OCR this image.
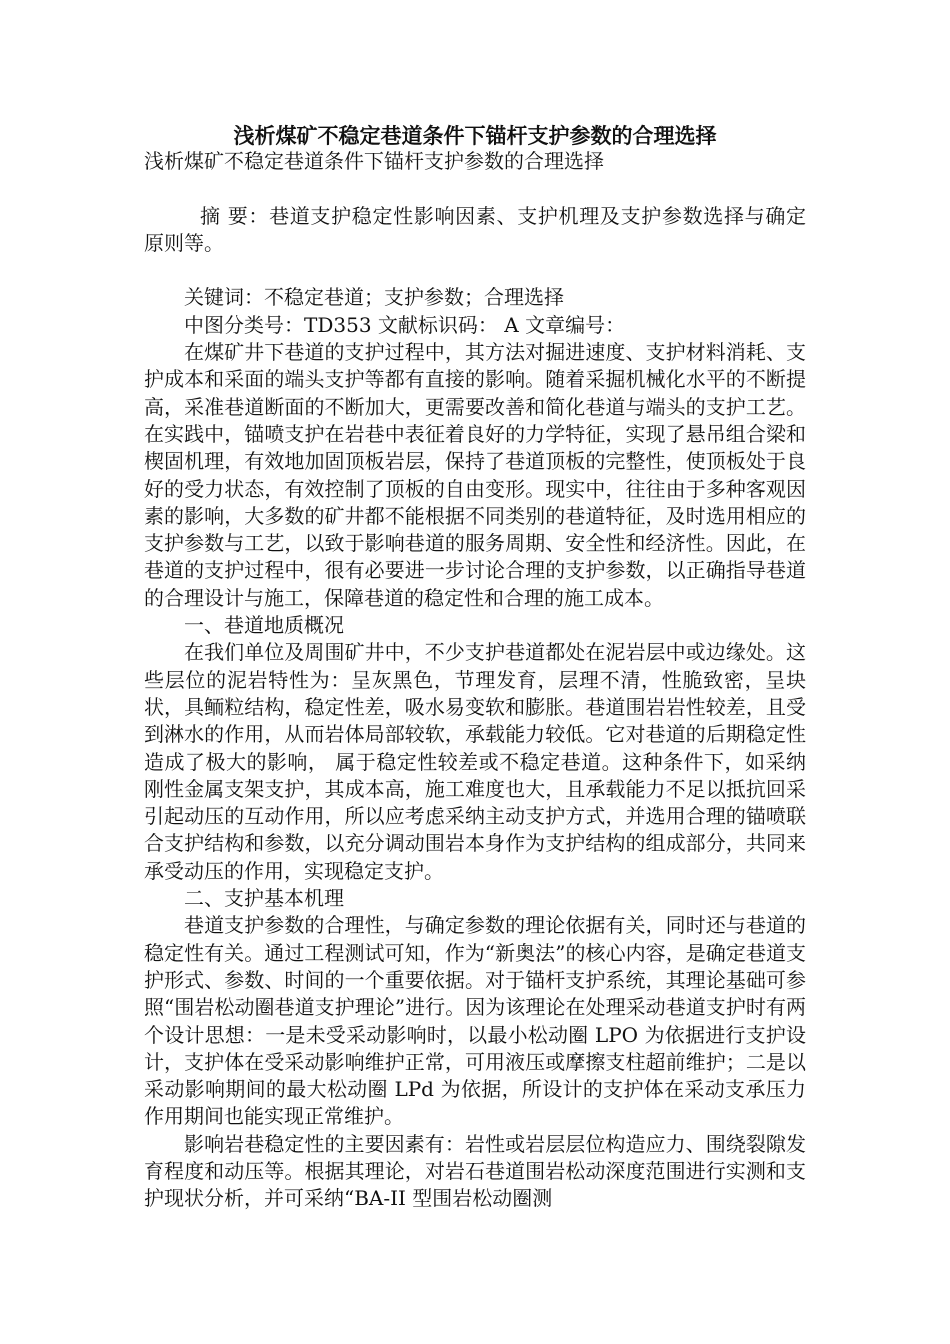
浅析煤矿不稳定巷道条件下锚杆支护参数的合理选择

浅析煤矿不稳定巷道条件下锚杆支护参数的合理选择

摘 要：巷道支护稳定性影响因素、支护机理及支护参数选择与确定原则等。

关键词：不稳定巷道；支护参数；合理选择

中图分类号：TD353 文献标识码： A 文章编号：

在煤矿井下巷道的支护过程中，其方法对掘进速度、支护材料消耗、支护成本和采面的端头支护等都有直接的影响。随着采掘机械化水平的不断提高，采准巷道断面的不断加大，更需要改善和简化巷道与端头的支护工艺。在实践中，锚喷支护在岩巷中表征着良好的力学特征，实现了悬吊组合梁和楔固机理，有效地加固顶板岩层，保持了巷道顶板的完整性，使顶板处于良好的受力状态，有效控制了顶板的自由变形。现实中，往往由于多种客观因素的影响，大多数的矿井都不能根据不同类别的巷道特征，及时选用相应的支护参数与工艺，以致于影响巷道的服务周期、安全性和经济性。因此，在巷道的支护过程中，很有必要进一步讨论合理的支护参数，以正确指导巷道的合理设计与施工，保障巷道的稳定性和合理的施工成本。

一、巷道地质概况

在我们单位及周围矿井中，不少支护巷道都处在泥岩层中或边缘处。这些层位的泥岩特性为：呈灰黑色，节理发育，层理不清，性脆致密，呈块状，具鲕粒结构，稳定性差，吸水易变软和膨胀。巷道围岩岩性较差，且受到淋水的作用，从而岩体局部较软，承载能力较低。它对巷道的后期稳定性造成了极大的影响， 属于稳定性较差或不稳定巷道。这种条件下，如采纳刚性金属支架支护，其成本高，施工难度也大，且承载能力不足以抵抗回采引起动压的互动作用，所以应考虑采纳主动支护方式，并选用合理的锚喷联合支护结构和参数，以充分调动围岩本身作为支护结构的组成部分，共同来承受动压的作用，实现稳定支护。

二、支护基本机理

巷道支护参数的合理性，与确定参数的理论依据有关，同时还与巷道的稳定性有关。通过工程测试可知，作为“新奥法”的核心内容，是确定巷道支护形式、参数、时间的一个重要依据。对于锚杆支护系统，其理论基础可参照“围岩松动圈巷道支护理论”进行。因为该理论在处理采动巷道支护时有两个设计思想：一是未受采动影响时，以最小松动圈 LPO 为依据进行支护设计，支护体在受采动影响维护正常，可用液压或摩擦支柱超前维护；二是以采动影响期间的最大松动圈 LPd 为依据，所设计的支护体在采动支承压力作用期间也能实现正常维护。

影响岩巷稳定性的主要因素有：岩性或岩层层位构造应力、围绕裂隙发育程度和动压等。根据其理论，对岩石巷道围岩松动深度范围进行实测和支护现状分析，并可采纳“BA-II 型围岩松动圈测
